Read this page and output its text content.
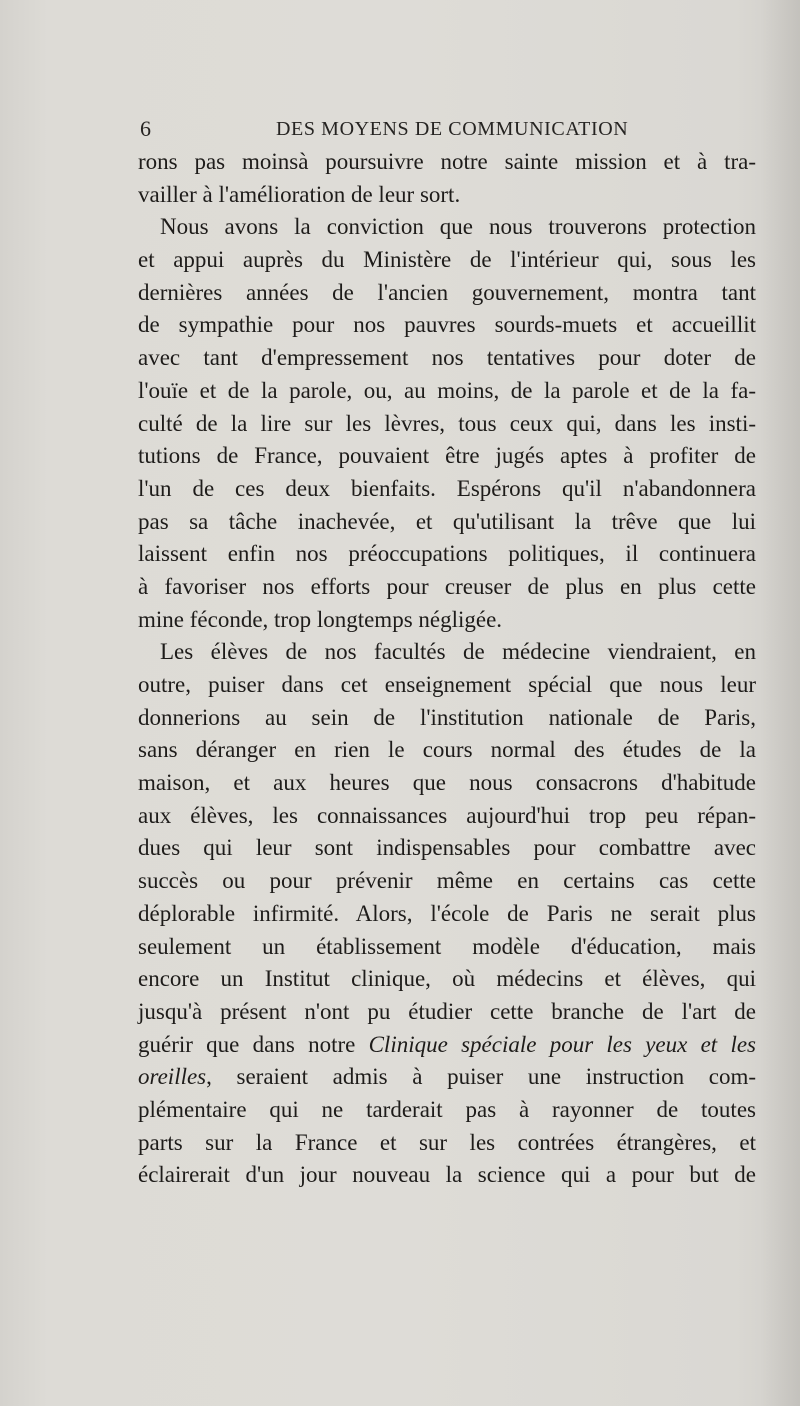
6	DES MOYENS DE COMMUNICATION
rons pas moinsà poursuivre notre sainte mission et à tra-
vailler à l'amélioration de leur sort.
Nous avons la conviction que nous trouverons protection
et appui auprès du Ministère de l'intérieur qui, sous les
dernières années de l'ancien gouvernement, montra tant
de sympathie pour nos pauvres sourds-muets et accueillit
avec tant d'empressement nos tentatives pour doter de
l'ouïe et de la parole, ou, au moins, de la parole et de la fa-
culté de la lire sur les lèvres, tous ceux qui, dans les insti-
tutions de France, pouvaient être jugés aptes à profiter de
l'un de ces deux bienfaits. Espérons qu'il n'abandonnera
pas sa tâche inachevée, et qu'utilisant la trêve que lui
laissent enfin nos préoccupations politiques, il continuera
à favoriser nos efforts pour creuser de plus en plus cette
mine féconde, trop longtemps négligée.
Les élèves de nos facultés de médecine viendraient, en
outre, puiser dans cet enseignement spécial que nous leur
donnerions au sein de l'institution nationale de Paris,
sans déranger en rien le cours normal des études de la
maison, et aux heures que nous consacrons d'habitude
aux élèves, les connaissances aujourd'hui trop peu répan-
dues qui leur sont indispensables pour combattre avec
succès ou pour prévenir même en certains cas cette
déplorable infirmité. Alors, l'école de Paris ne serait plus
seulement un établissement modèle d'éducation, mais
encore un Institut clinique, où médecins et élèves, qui
jusqu'à présent n'ont pu étudier cette branche de l'art de
guérir que dans notre Clinique spéciale pour les yeux et les
oreilles, seraient admis à puiser une instruction com-
plémentaire qui ne tarderait pas à rayonner de toutes
parts sur la France et sur les contrées étrangères, et
éclairerait d'un jour nouveau la science qui a pour but de
